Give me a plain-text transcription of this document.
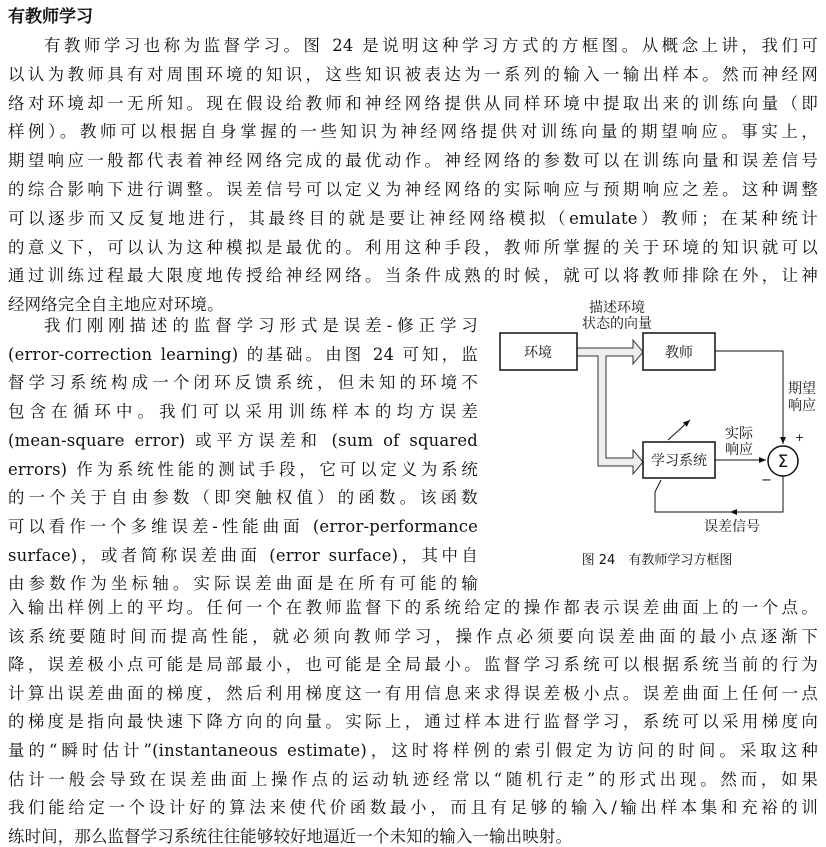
有教师学习
有教师学习也称为监督学习。图 24 是说明这种学习方式的方框图。从概念上讲，我们可
以认为教师具有对周围环境的知识，这些知识被表达为一系列的输入一输出样本。然而神经网
络对环境却一无所知。现在假设给教师和神经网络提供从同样环境中提取出来的训练向量（即
样例）。教师可以根据自身掌握的一些知识为神经网络提供对训练向量的期望响应。事实上，
期望响应一般都代表着神经网络完成的最优动作。神经网络的参数可以在训练向量和误差信号
的综合影响下进行调整。误差信号可以定义为神经网络的实际响应与预期响应之差。这种调整
可以逐步而又反复地进行，其最终目的就是要让神经网络模拟（emulate）教师；在某种统计
的意义下，可以认为这种模拟是最优的。利用这种手段，教师所掌握的关于环境的知识就可以
通过训练过程最大限度地传授给神经网络。当条件成熟的时候，就可以将教师排除在外，让神
经网络完全自主地应对环境。
我们刚刚描述的监督学习形式是误差-修正学习
(error-correction learning) 的基础。由图 24 可知，监
督学习系统构成一个闭环反馈系统，但未知的环境不
包含在循环中。我们可以采用训练样本的均方误差
(mean-square error) 或平方误差和 (sum of squared
errors) 作为系统性能的测试手段，它可以定义为系统
的一个关于自由参数（即突触权值）的函数。该函数
可以看作一个多维误差-性能曲面 (error-performance
surface)，或者简称误差曲面 (error surface)，其中自
由参数作为坐标轴。实际误差曲面是在所有可能的输
入输出样例上的平均。任何一个在教师监督下的系统给定的操作都表示误差曲面上的一个点。
该系统要随时间而提高性能，就必须向教师学习，操作点必须要向误差曲面的最小点逐渐下
降，误差极小点可能是局部最小，也可能是全局最小。监督学习系统可以根据系统当前的行为
计算出误差曲面的梯度，然后利用梯度这一有用信息来求得误差极小点。误差曲面上任何一点
的梯度是指向最快速下降方向的向量。实际上，通过样本进行监督学习，系统可以采用梯度向
量的“瞬时估计”(instantaneous estimate)，这时将样例的索引假定为访问的时间。采取这种
估计一般会导致在误差曲面上操作点的运动轨迹经常以“随机行走”的形式出现。然而，如果
我们能给定一个设计好的算法来使代价函数最小，而且有足够的输入/输出样本集和充裕的训
练时间，那么监督学习系统往往能够较好地逼近一个未知的输入一输出映射。
环境	教师
学习系统
描述环境
状态的向量
期望
响应
实际
响应
Σ
+
−
误差信号
图 24　有教师学习方框图
